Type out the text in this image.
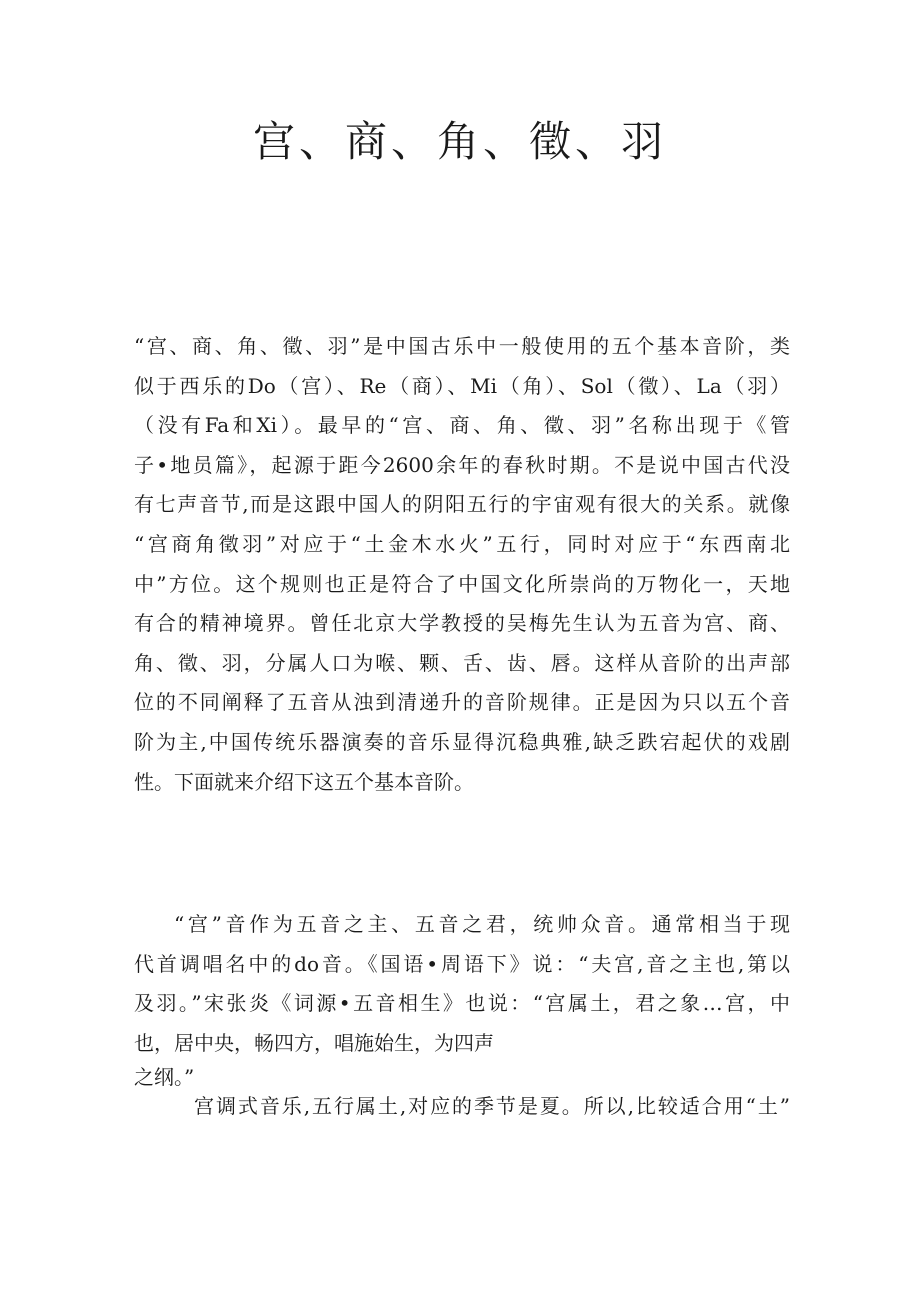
宫、商、角、徵、羽
“宫、商、角、徵、羽”是中国古乐中一般使用的五个基本音阶，类
似于西乐的Do（宫）、Re（商）、Mi（角）、Sol（徵）、La（羽）
（没有Fa和Xi）。最早的“宫、商、角、徵、羽”名称出现于《管
子•地员篇》，起源于距今2600余年的春秋时期。不是说中国古代没
有七声音节,而是这跟中国人的阴阳五行的宇宙观有很大的关系。就像
“宫商角徵羽”对应于“土金木水火”五行，同时对应于“东西南北
中”方位。这个规则也正是符合了中国文化所崇尚的万物化一，天地
有合的精神境界。曾任北京大学教授的吴梅先生认为五音为宫、商、
角、徵、羽，分属人口为喉、颗、舌、齿、唇。这样从音阶的出声部
位的不同阐释了五音从浊到清递升的音阶规律。正是因为只以五个音
阶为主,中国传统乐器演奏的音乐显得沉稳典雅,缺乏跌宕起伏的戏剧
性。下面就来介绍下这五个基本音阶。
“宫”音作为五音之主、五音之君，统帅众音。通常相当于现
代首调唱名中的do音。《国语•周语下》说：“夫宫,音之主也,第以
及羽。”宋张炎《词源•五音相生》也说：“宫属土，君之象…宫，中
也，居中央，畅四方，唱施始生，为四声
之纲。”
宫调式音乐,五行属土,对应的季节是夏。所以,比较适合用“土”
